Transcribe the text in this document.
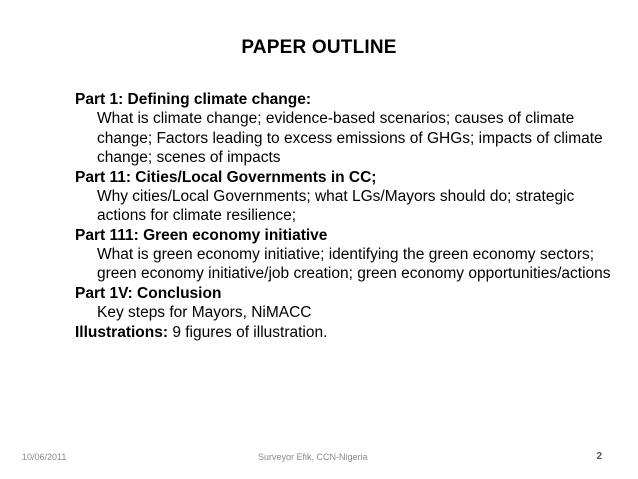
PAPER OUTLINE
Part 1: Defining climate change:
What is climate change; evidence-based scenarios; causes of climate change; Factors leading to excess emissions of GHGs; impacts of climate change; scenes of impacts
Part 11: Cities/Local Governments in CC;
Why cities/Local Governments; what LGs/Mayors should do; strategic actions for climate resilience;
Part 111: Green economy initiative
What is green economy initiative; identifying the green economy sectors; green economy initiative/job creation; green economy opportunities/actions
Part 1V: Conclusion
Key steps for Mayors, NiMACC
Illustrations: 9 figures of illustration.
10/06/2011	Surveyor Efik, CCN-Nigeria	2
